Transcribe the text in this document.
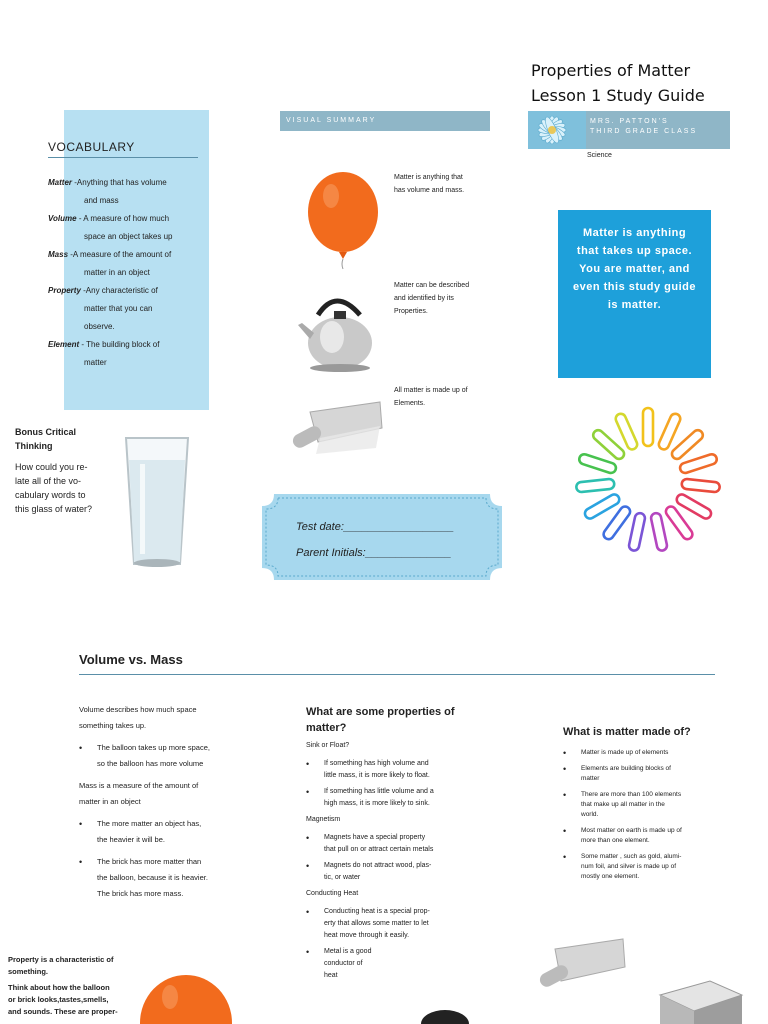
Properties of Matter
Lesson 1 Study Guide
MRS. PATTON'S
THIRD GRADE CLASS
Science
VOCABULARY
Matter -Anything that has volume
and mass
Volume - A measure of how much
space an object takes up
Mass -A measure of the amount of
matter in an object
Property -Any characteristic of
matter that you can
observe.
Element - The building block of
matter
VISUAL SUMMARY
Matter is anything that
has volume and mass.
Matter can be described
and identified by its
Properties.
All matter is made up of
Elements.
Matter is anything that takes up space. You are matter, and even this study guide is matter.
Bonus Critical
Thinking
How could you re-
late all of the vo-
cabulary words to
this glass of water?
Test date:__________________
Parent Initials:______________
Volume vs. Mass

Volume describes how much space
something takes up.

• The balloon takes up more space,
so the balloon has more volume

Mass is a measure of the amount of
matter in an object

• The more matter an object has,
the heavier it will be.
• The brick has more matter than
the balloon, because it is heavier.
The brick has more mass.
What are some properties of matter?

Sink or Float?

• If something has high volume and
little mass, it is more likely to float.
• If something has little volume and a
high mass, it is more likely to sink.

Magnetism

• Magnets have a special property
that pull on or attract certain metals
• Magnets do not attract wood, plas-
tic, or water

Conducting Heat

• Conducting heat is a special prop-
erty that allows some matter to let
heat move through it easily.
• Metal is a good
conductor of
heat
What is matter made of?
• Matter is made up of elements
• Elements are building blocks of
matter
• There are more than 100 elements
that make up all matter in the
world.
• Most matter on earth is made up of
more than one element.
• Some matter , such as gold, alumi-
num foil, and silver is made up of
mostly one element.
Property is a characteristic of
something.
Think about how the balloon
or brick looks,tastes,smells,
and sounds. These are proper-
